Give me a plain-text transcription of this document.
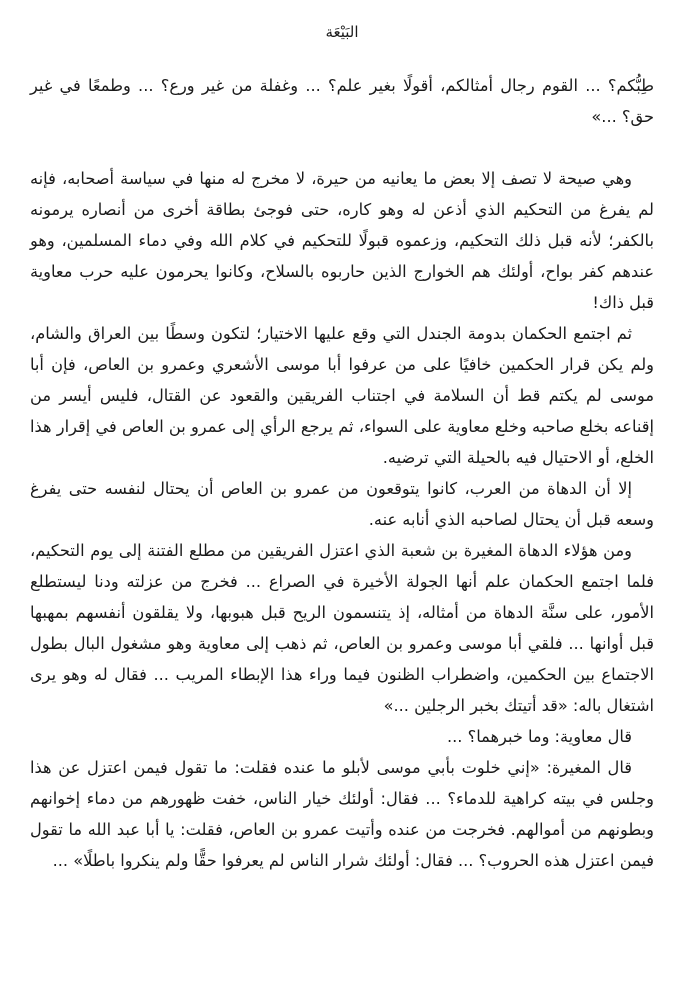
البَيْعَة

طِبُّكم؟ ... القوم رجال أمثالكم، أقولًا بغير علم؟ ... وغفلة من غير ورع؟ ... وطمعًا في غير حق؟ ...»

وهي صيحة لا تصف إلا بعض ما يعانيه من حيرة، لا مخرج له منها في سياسة أصحابه، فإنه لم يفرغ من التحكيم الذي أذعن له وهو كاره، حتى فوجئ بطاقة أخرى من أنصاره يرمونه بالكفر؛ لأنه قبل ذلك التحكيم، وزعموه قبولًا للتحكيم في كلام الله وفي دماء المسلمين، وهو عندهم كفر بواح، أولئك هم الخوارج الذين حاربوه بالسلاح، وكانوا يحرمون عليه حرب معاوية قبل ذاك!

ثم اجتمع الحكمان بدومة الجندل التي وقع عليها الاختيار؛ لتكون وسطًا بين العراق والشام، ولم يكن قرار الحكمين خافيًا على من عرفوا أبا موسى الأشعري وعمرو بن العاص، فإن أبا موسى لم يكتم قط أن السلامة في اجتناب الفريقين والقعود عن القتال، فليس أيسر من إقناعه بخلع صاحبه وخلع معاوية على السواء، ثم يرجع الرأي إلى عمرو بن العاص في إقرار هذا الخلع، أو الاحتيال فيه بالحيلة التي ترضيه.

إلا أن الدهاة من العرب، كانوا يتوقعون من عمرو بن العاص أن يحتال لنفسه حتى يفرغ وسعه قبل أن يحتال لصاحبه الذي أنابه عنه.

ومن هؤلاء الدهاة المغيرة بن شعبة الذي اعتزل الفريقين من مطلع الفتنة إلى يوم التحكيم، فلما اجتمع الحكمان علم أنها الجولة الأخيرة في الصراع ... فخرج من عزلته ودنا ليستطلع الأمور، على سنَّة الدهاة من أمثاله، إذ يتنسمون الريح قبل هبوبها، ولا يقلقون أنفسهم بمهبها قبل أوانها ... فلقي أبا موسى وعمرو بن العاص، ثم ذهب إلى معاوية وهو مشغول البال بطول الاجتماع بين الحكمين، واضطراب الظنون فيما وراء هذا الإبطاء المريب ... فقال له وهو يرى اشتغال باله: «قد أتيتك بخبر الرجلين ...»

قال معاوية: وما خبرهما؟ ...

قال المغيرة: «إني خلوت بأبي موسى لأبلو ما عنده فقلت: ما تقول فيمن اعتزل عن هذا وجلس في بيته كراهية للدماء؟ ... فقال: أولئك خيار الناس، خفت ظهورهم من دماء إخوانهم وبطونهم من أموالهم. فخرجت من عنده وأتيت عمرو بن العاص، فقلت: يا أبا عبد الله ما تقول فيمن اعتزل هذه الحروب؟ ... فقال: أولئك شرار الناس لم يعرفوا حقًّا ولم ينكروا باطلًا» ...
